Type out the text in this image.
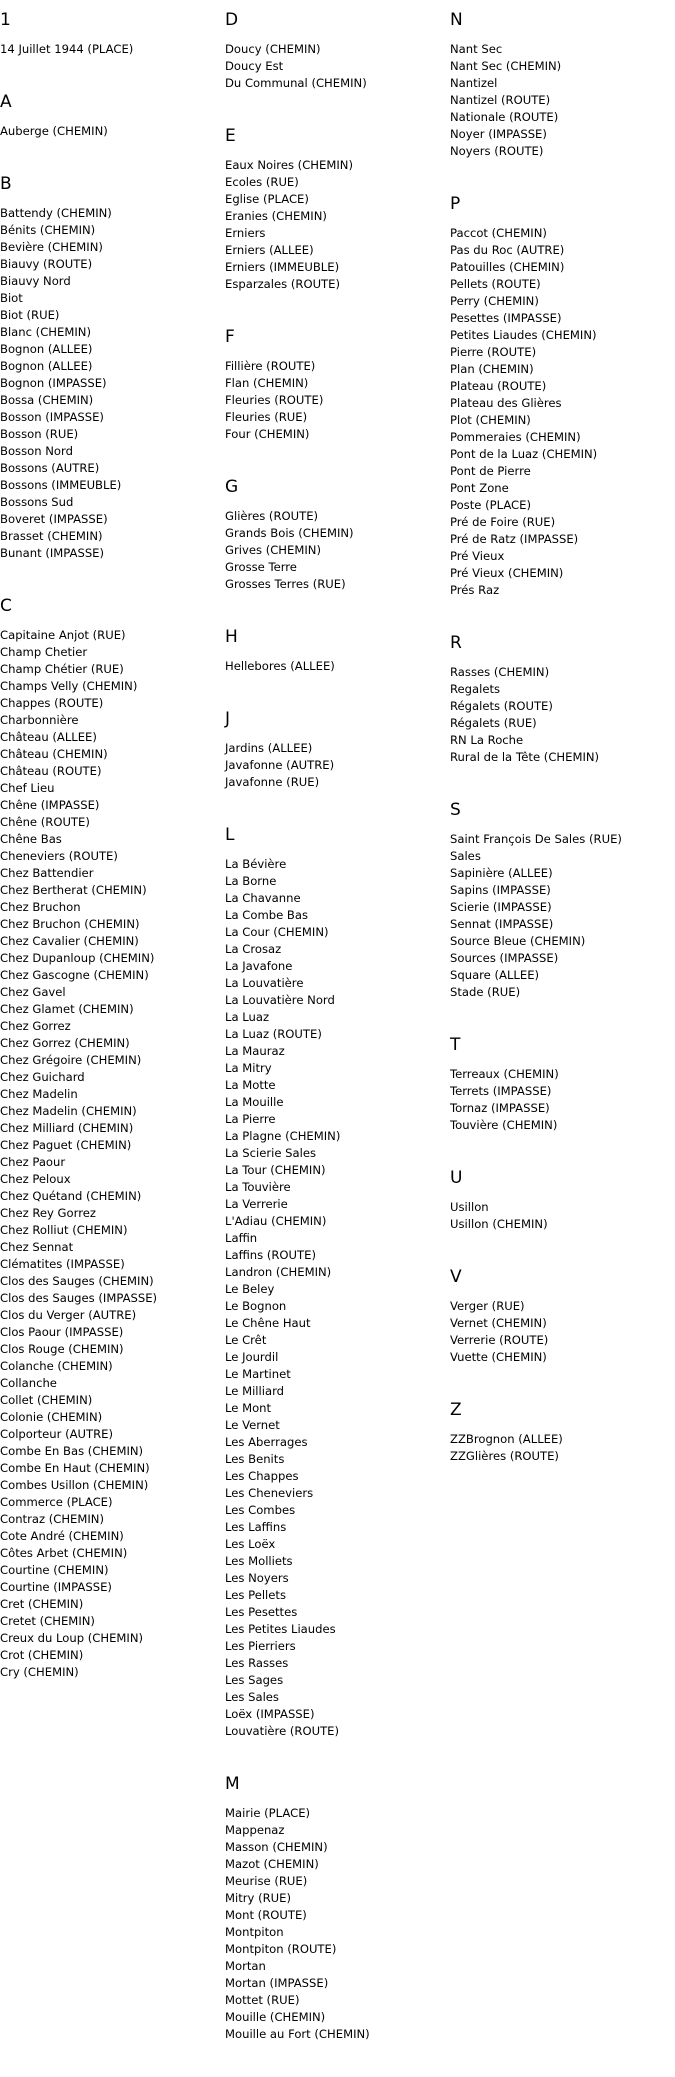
1
14 Juillet 1944 (PLACE)
A
Auberge (CHEMIN)
B
Battendy (CHEMIN)
Bénits (CHEMIN)
Bevière (CHEMIN)
Biauvy (ROUTE)
Biauvy Nord
Biot
Biot (RUE)
Blanc (CHEMIN)
Bognon (ALLEE)
Bognon (ALLEE)
Bognon (IMPASSE)
Bossa (CHEMIN)
Bosson (IMPASSE)
Bosson (RUE)
Bosson Nord
Bossons (AUTRE)
Bossons (IMMEUBLE)
Bossons Sud
Boveret (IMPASSE)
Brasset (CHEMIN)
Bunant (IMPASSE)
C
Capitaine Anjot (RUE)
Champ Chetier
Champ Chétier (RUE)
Champs Velly (CHEMIN)
Chappes (ROUTE)
Charbonnière
Château (ALLEE)
Château (CHEMIN)
Château (ROUTE)
Chef Lieu
Chêne (IMPASSE)
Chêne (ROUTE)
Chêne Bas
Cheneviers (ROUTE)
Chez Battendier
Chez Bertherat (CHEMIN)
Chez Bruchon
Chez Bruchon (CHEMIN)
Chez Cavalier (CHEMIN)
Chez Dupanloup (CHEMIN)
Chez Gascogne (CHEMIN)
Chez Gavel
Chez Glamet (CHEMIN)
Chez Gorrez
Chez Gorrez (CHEMIN)
Chez Grégoire (CHEMIN)
Chez Guichard
Chez Madelin
Chez Madelin (CHEMIN)
Chez Milliard (CHEMIN)
Chez Paguet (CHEMIN)
Chez Paour
Chez Peloux
Chez Quétand (CHEMIN)
Chez Rey Gorrez
Chez Rolliut (CHEMIN)
Chez Sennat
Clématites (IMPASSE)
Clos des Sauges (CHEMIN)
Clos des Sauges (IMPASSE)
Clos du Verger (AUTRE)
Clos Paour (IMPASSE)
Clos Rouge (CHEMIN)
Colanche (CHEMIN)
Collanche
Collet (CHEMIN)
Colonie (CHEMIN)
Colporteur (AUTRE)
Combe En Bas (CHEMIN)
Combe En Haut (CHEMIN)
Combes Usillon (CHEMIN)
Commerce (PLACE)
Contraz (CHEMIN)
Cote André (CHEMIN)
Côtes Arbet (CHEMIN)
Courtine (CHEMIN)
Courtine (IMPASSE)
Cret (CHEMIN)
Cretet (CHEMIN)
Creux du Loup (CHEMIN)
Crot (CHEMIN)
Cry (CHEMIN)
D
Doucy (CHEMIN)
Doucy Est
Du Communal (CHEMIN)
E
Eaux Noires (CHEMIN)
Ecoles (RUE)
Eglise (PLACE)
Eranies (CHEMIN)
Erniers
Erniers (ALLEE)
Erniers (IMMEUBLE)
Esparzales (ROUTE)
F
Fillière (ROUTE)
Flan (CHEMIN)
Fleuries (ROUTE)
Fleuries (RUE)
Four (CHEMIN)
G
Glières (ROUTE)
Grands Bois (CHEMIN)
Grives (CHEMIN)
Grosse Terre
Grosses Terres (RUE)
H
Hellebores (ALLEE)
J
Jardins (ALLEE)
Javafonne (AUTRE)
Javafonne (RUE)
L
La Bévière
La Borne
La Chavanne
La Combe Bas
La Cour (CHEMIN)
La Crosaz
La Javafone
La Louvatière
La Louvatière Nord
La Luaz
La Luaz (ROUTE)
La Mauraz
La Mitry
La Motte
La Mouille
La Pierre
La Plagne (CHEMIN)
La Scierie Sales
La Tour (CHEMIN)
La Touvière
La Verrerie
L'Adiau (CHEMIN)
Laffin
Laffins (ROUTE)
Landron (CHEMIN)
Le Beley
Le Bognon
Le Chêne Haut
Le Crêt
Le Jourdil
Le Martinet
Le Milliard
Le Mont
Le Vernet
Les Aberrages
Les Benits
Les Chappes
Les Cheneviers
Les Combes
Les Laffins
Les Loëx
Les Molliets
Les Noyers
Les Pellets
Les Pesettes
Les Petites Liaudes
Les Pierriers
Les Rasses
Les Sages
Les Sales
Loëx (IMPASSE)
Louvatière (ROUTE)
M
Mairie (PLACE)
Mappenaz
Masson (CHEMIN)
Mazot (CHEMIN)
Meurise (RUE)
Mitry (RUE)
Mont (ROUTE)
Montpiton
Montpiton (ROUTE)
Mortan
Mortan (IMPASSE)
Mottet (RUE)
Mouille (CHEMIN)
Mouille au Fort (CHEMIN)
N
Nant Sec
Nant Sec (CHEMIN)
Nantizel
Nantizel (ROUTE)
Nationale (ROUTE)
Noyer (IMPASSE)
Noyers (ROUTE)
P
Paccot (CHEMIN)
Pas du Roc (AUTRE)
Patouilles (CHEMIN)
Pellets (ROUTE)
Perry (CHEMIN)
Pesettes (IMPASSE)
Petites Liaudes (CHEMIN)
Pierre (ROUTE)
Plan (CHEMIN)
Plateau (ROUTE)
Plateau des Glières
Plot (CHEMIN)
Pommeraies (CHEMIN)
Pont de la Luaz (CHEMIN)
Pont de Pierre
Pont Zone
Poste (PLACE)
Pré de Foire (RUE)
Pré de Ratz (IMPASSE)
Pré Vieux
Pré Vieux (CHEMIN)
Prés Raz
R
Rasses (CHEMIN)
Regalets
Régalets (ROUTE)
Régalets (RUE)
RN La Roche
Rural de la Tête (CHEMIN)
S
Saint François De Sales (RUE)
Sales
Sapinière (ALLEE)
Sapins (IMPASSE)
Scierie (IMPASSE)
Sennat (IMPASSE)
Source Bleue (CHEMIN)
Sources (IMPASSE)
Square (ALLEE)
Stade (RUE)
T
Terreaux (CHEMIN)
Terrets (IMPASSE)
Tornaz (IMPASSE)
Touvière (CHEMIN)
U
Usillon
Usillon (CHEMIN)
V
Verger (RUE)
Vernet (CHEMIN)
Verrerie (ROUTE)
Vuette (CHEMIN)
Z
ZZBrognon (ALLEE)
ZZGlières (ROUTE)
